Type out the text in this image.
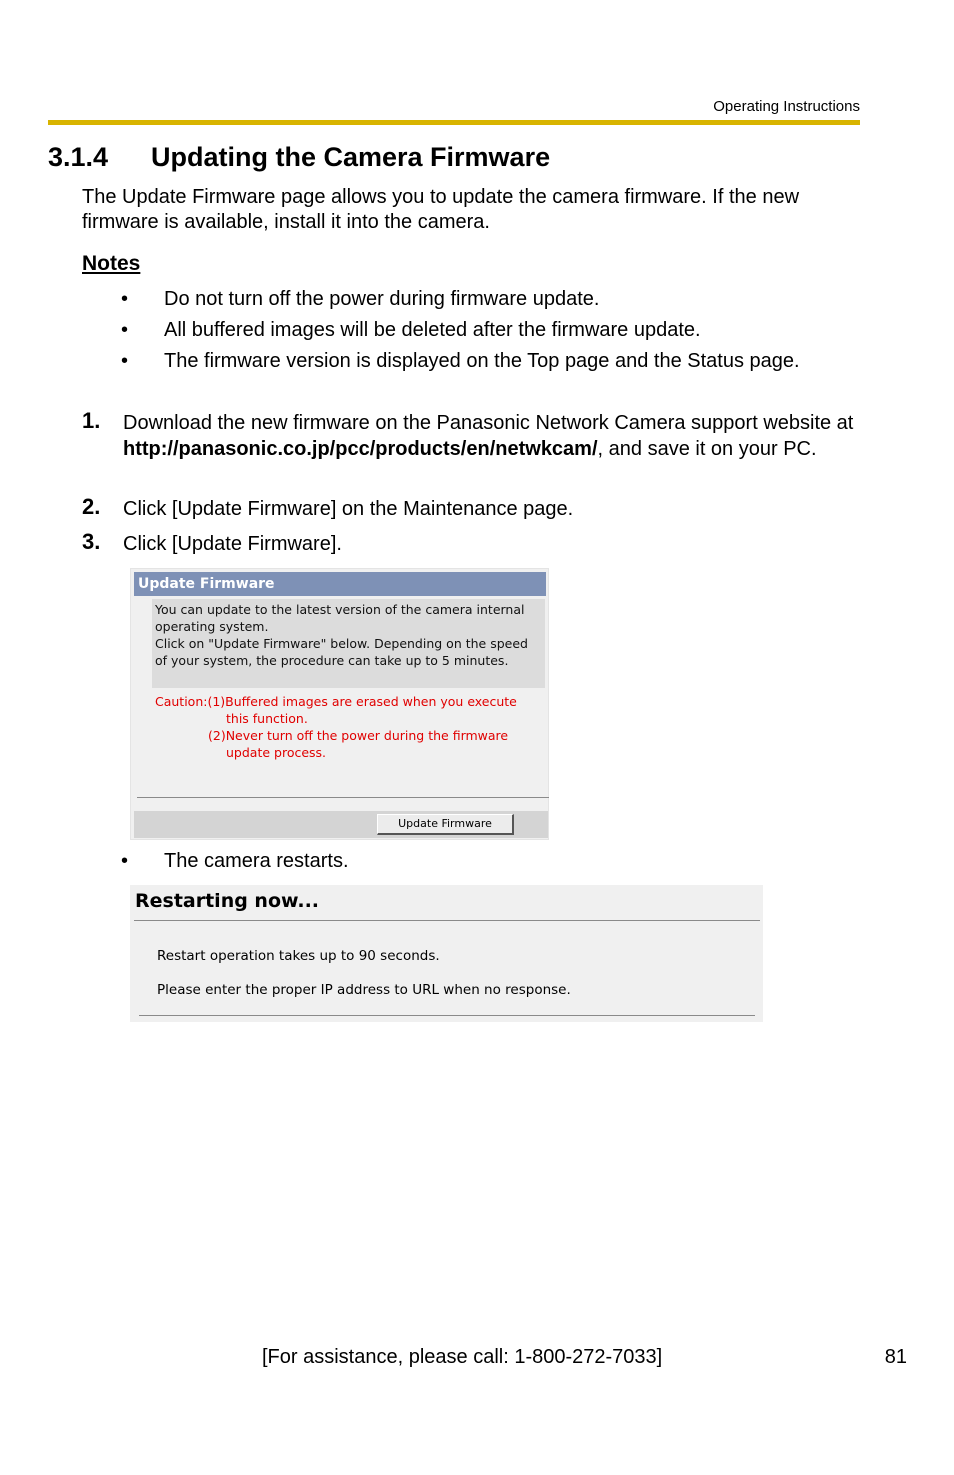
Operating Instructions
3.1.4 Updating the Camera Firmware
The Update Firmware page allows you to update the camera firmware. If the new firmware is available, install it into the camera.
Notes
• Do not turn off the power during firmware update.
• All buffered images will be deleted after the firmware update.
• The firmware version is displayed on the Top page and the Status page.
1. Download the new firmware on the Panasonic Network Camera support website at http://panasonic.co.jp/pcc/products/en/netwkcam/, and save it on your PC.
2. Click [Update Firmware] on the Maintenance page.
3. Click [Update Firmware].
Update Firmware
You can update to the latest version of the camera internal operating system.
Click on "Update Firmware" below. Depending on the speed of your system, the procedure can take up to 5 minutes.
Caution:(1)Buffered images are erased when you execute
this function.
(2)Never turn off the power during the firmware
update process.
Update Firmware
• The camera restarts.
Restarting now...
Restart operation takes up to 90 seconds.
Please enter the proper IP address to URL when no response.
[For assistance, please call: 1-800-272-7033]	81
